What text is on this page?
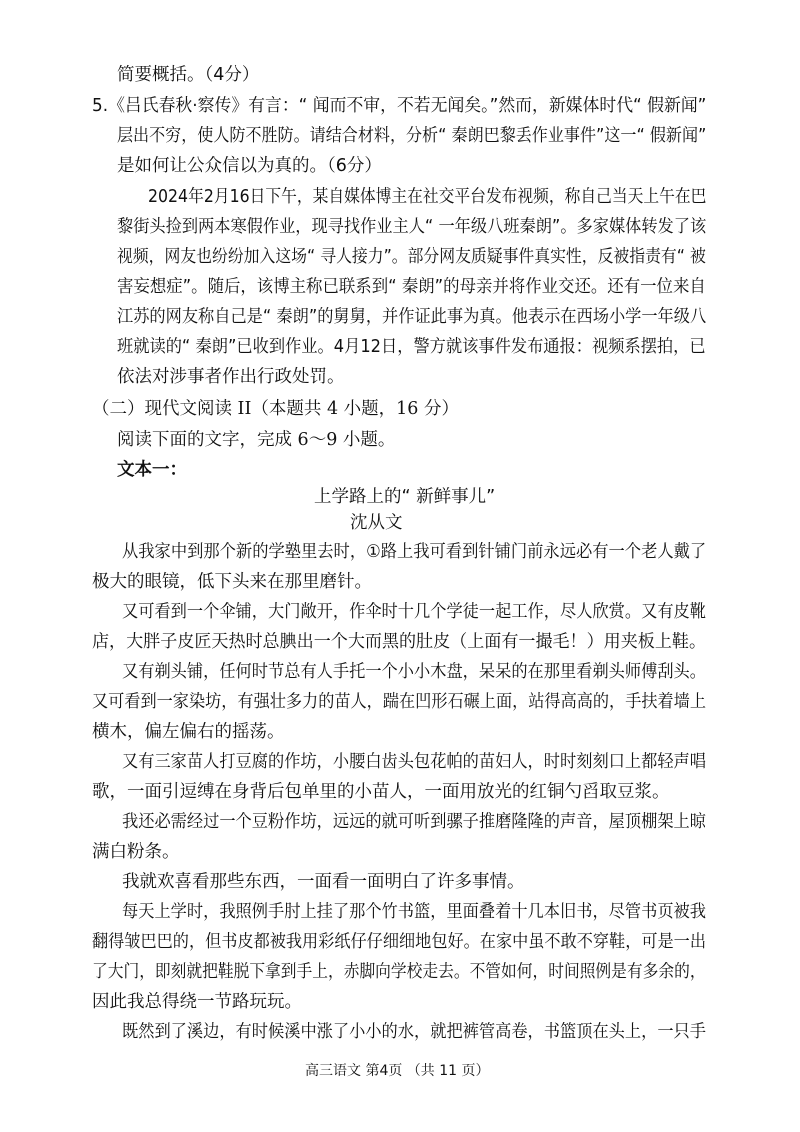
简要概括。（4分）
5.《吕氏春秋·察传》有言：“ 闻而不审，不若无闻矣。”然而，新媒体时代“ 假新闻”
层出不穷，使人防不胜防。请结合材料，分析“ 秦朗巴黎丢作业事件”这一“ 假新闻”
是如何让公众信以为真的。（6分）
2024年2月16日下午，某自媒体博主在社交平台发布视频，称自己当天上午在巴
黎街头捡到两本寒假作业，现寻找作业主人“ 一年级八班秦朗”。多家媒体转发了该
视频，网友也纷纷加入这场“ 寻人接力”。部分网友质疑事件真实性，反被指责有“ 被
害妄想症”。随后，该博主称已联系到“ 秦朗”的母亲并将作业交还。还有一位来自
江苏的网友称自己是“ 秦朗”的舅舅，并作证此事为真。他表示在西场小学一年级八
班就读的“ 秦朗”已收到作业。4月12日，警方就该事件发布通报：视频系摆拍，已
依法对涉事者作出行政处罚。
（二）现代文阅读 II（本题共 4 小题，16 分）
阅读下面的文字，完成 6～9 小题。
文本一：
上学路上的“ 新鲜事儿”
沈从文
从我家中到那个新的学塾里去时，①路上我可看到针铺门前永远必有一个老人戴了
极大的眼镜，低下头来在那里磨针。
又可看到一个伞铺，大门敞开，作伞时十几个学徒一起工作，尽人欣赏。又有皮靴
店，大胖子皮匠天热时总腆出一个大而黑的肚皮（上面有一撮毛！）用夹板上鞋。
又有剃头铺，任何时节总有人手托一个小小木盘，呆呆的在那里看剃头师傅刮头。
又可看到一家染坊，有强壮多力的苗人，踹在凹形石碾上面，站得高高的，手扶着墙上
横木，偏左偏右的摇荡。
又有三家苗人打豆腐的作坊，小腰白齿头包花帕的苗妇人，时时刻刻口上都轻声唱
歌，一面引逗缚在身背后包单里的小苗人，一面用放光的红铜勺舀取豆浆。
我还必需经过一个豆粉作坊，远远的就可听到骡子推磨隆隆的声音，屋顶棚架上晾
满白粉条。
我就欢喜看那些东西，一面看一面明白了许多事情。
每天上学时，我照例手肘上挂了那个竹书篮，里面叠着十几本旧书，尽管书页被我
翻得皱巴巴的，但书皮都被我用彩纸仔仔细细地包好。在家中虽不敢不穿鞋，可是一出
了大门，即刻就把鞋脱下拿到手上，赤脚向学校走去。不管如何，时间照例是有多余的，
因此我总得绕一节路玩玩。
既然到了溪边，有时候溪中涨了小小的水，就把裤管高卷，书篮顶在头上，一只手
高三语文 第4页 （共 11 页）
